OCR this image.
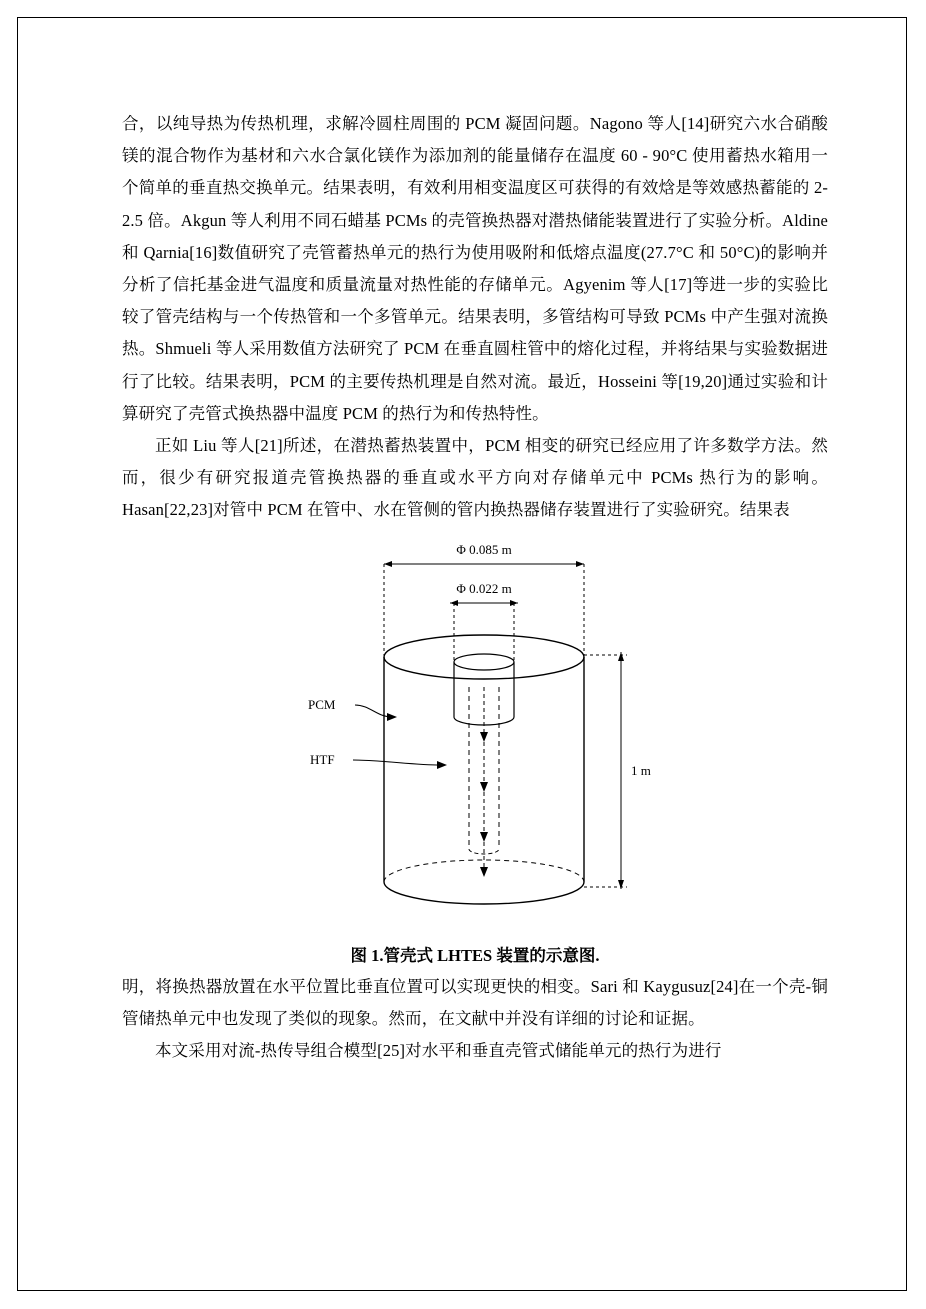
合，以纯导热为传热机理，求解冷圆柱周围的 PCM 凝固问题。Nagono 等人[14]研究六水合硝酸镁的混合物作为基材和六水合氯化镁作为添加剂的能量储存在温度 60 - 90°C 使用蓄热水箱用一个简单的垂直热交换单元。结果表明，有效利用相变温度区可获得的有效焓是等效感热蓄能的 2-2.5 倍。Akgun 等人利用不同石蜡基 PCMs 的壳管换热器对潜热储能装置进行了实验分析。Aldine 和 Qarnia[16]数值研究了壳管蓄热单元的热行为使用吸附和低熔点温度(27.7°C 和 50°C)的影响并分析了信托基金进气温度和质量流量对热性能的存储单元。Agyenim 等人[17]等进一步的实验比较了管壳结构与一个传热管和一个多管单元。结果表明，多管结构可导致 PCMs 中产生强对流换热。Shmueli 等人采用数值方法研究了 PCM 在垂直圆柱管中的熔化过程，并将结果与实验数据进行了比较。结果表明，PCM 的主要传热机理是自然对流。最近，Hosseini 等[19,20]通过实验和计算研究了壳管式换热器中温度 PCM 的热行为和传热特性。

正如 Liu 等人[21]所述，在潜热蓄热装置中，PCM 相变的研究已经应用了许多数学方法。然而，很少有研究报道壳管换热器的垂直或水平方向对存储单元中 PCMs 热行为的影响。Hasan[22,23]对管中 PCM 在管中、水在管侧的管内换热器储存装置进行了实验研究。结果表

Φ 0.085 m
Φ 0.022 m
PCM
HTF
1 m
图 1.管壳式 LHTES 装置的示意图.

明，将换热器放置在水平位置比垂直位置可以实现更快的相变。Sari 和 Kaygusuz[24]在一个壳-铜管储热单元中也发现了类似的现象。然而，在文献中并没有详细的讨论和证据。

本文采用对流-热传导组合模型[25]对水平和垂直壳管式储能单元的热行为进行
